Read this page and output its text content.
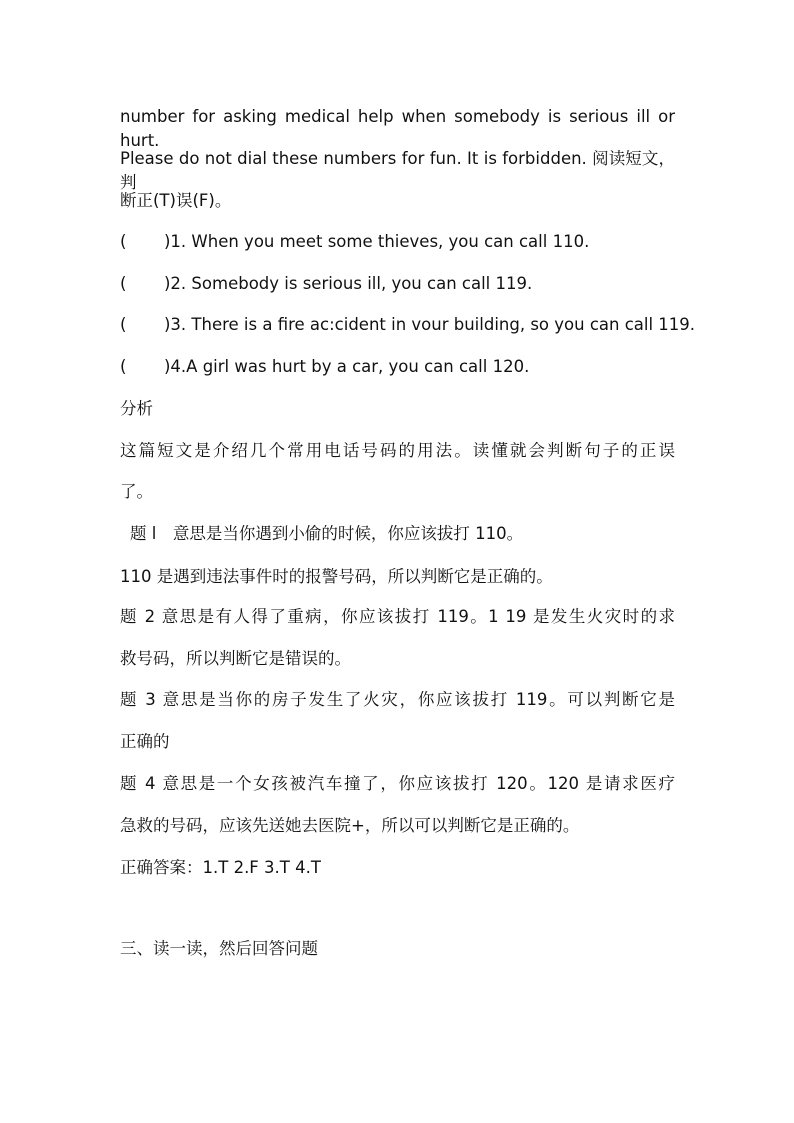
number for asking medical help when somebody is serious ill or hurt.
Please do not dial these numbers for fun. It is forbidden. 阅读短文，判
断正(T)误(F)。
( )1. When you meet some thieves, you can call 110.
( )2. Somebody is serious ill, you can call 119.
( )3. There is a fire ac:cident in vour building, so you can call 119.
( )4.A girl was hurt by a car, you can call 120.
分析
这篇短文是介绍几个常用电话号码的用法。读懂就会判断句子的正误
了。
题 l　意思是当你遇到小偷的时候，你应该拔打 110。
110 是遇到违法事件时的报警号码，所以判断它是正确的。
题 2 意思是有人得了重病，你应该拔打 119。1 19 是发生火灾时的求
救号码，所以判断它是错误的。
题 3 意思是当你的房子发生了火灾，你应该拔打 119。可以判断它是
正确的
题 4 意思是一个女孩被汽车撞了，你应该拔打 120。120 是请求医疗
急救的号码，应该先送她去医院+，所以可以判断它是正确的。
正确答案：1.T 2.F 3.T 4.T
三、读一读，然后回答问题
